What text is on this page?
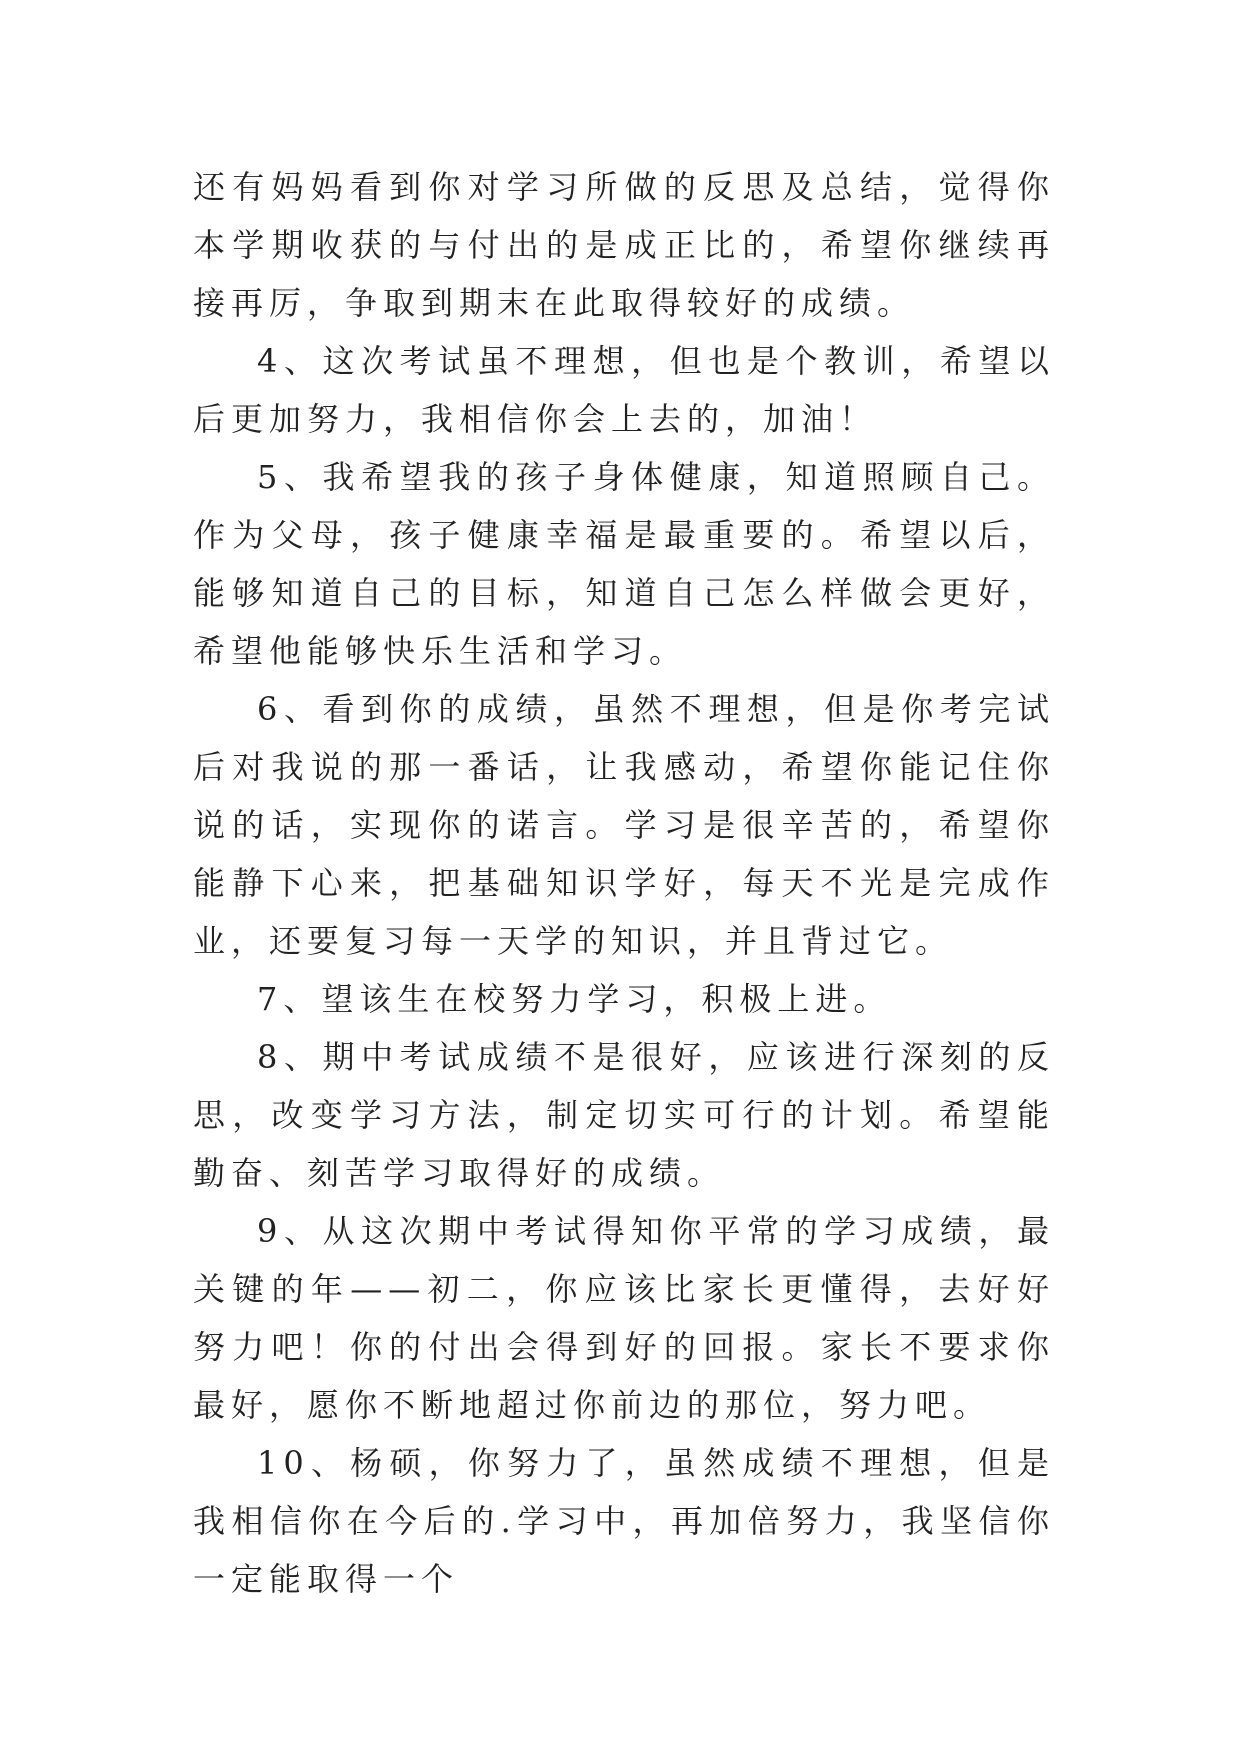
还有妈妈看到你对学习所做的反思及总结，觉得你本学期收获的与付出的是成正比的，希望你继续再接再厉，争取到期末在此取得较好的成绩。

4、这次考试虽不理想，但也是个教训，希望以后更加努力，我相信你会上去的，加油！

5、我希望我的孩子身体健康，知道照顾自己。作为父母，孩子健康幸福是最重要的。希望以后，能够知道自己的目标，知道自己怎么样做会更好，希望他能够快乐生活和学习。

6、看到你的成绩，虽然不理想，但是你考完试后对我说的那一番话，让我感动，希望你能记住你说的话，实现你的诺言。学习是很辛苦的，希望你能静下心来，把基础知识学好，每天不光是完成作业，还要复习每一天学的知识，并且背过它。

7、望该生在校努力学习，积极上进。

8、期中考试成绩不是很好，应该进行深刻的反思，改变学习方法，制定切实可行的计划。希望能勤奋、刻苦学习取得好的成绩。

9、从这次期中考试得知你平常的学习成绩，最关键的年——初二，你应该比家长更懂得，去好好努力吧！你的付出会得到好的回报。家长不要求你最好，愿你不断地超过你前边的那位，努力吧。

10、杨硕，你努力了，虽然成绩不理想，但是我相信你在今后的.学习中，再加倍努力，我坚信你一定能取得一个
